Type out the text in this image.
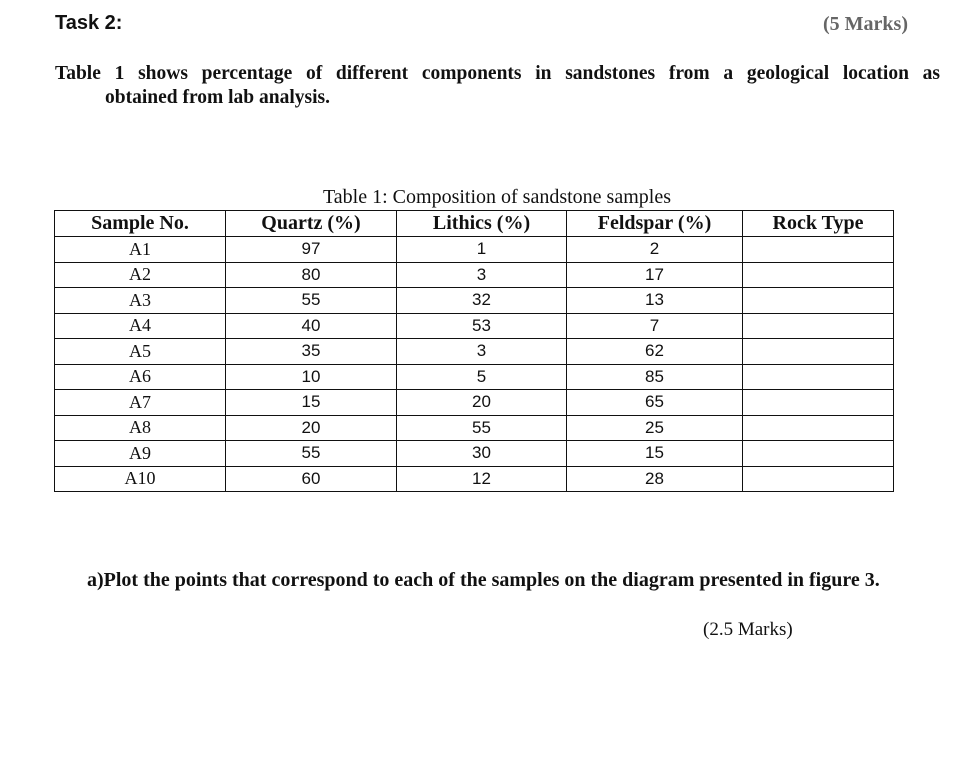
Task 2:	(5 Marks)
Table 1 shows percentage of different components in sandstones from a geological location as
obtained from lab analysis.
Table 1: Composition of sandstone samples
Sample No.	Quartz (%)	Lithics (%)	Feldspar (%)	Rock Type
A1	97	1	2	
A2	80	3	17	
A3	55	32	13	
A4	40	53	7	
A5	35	3	62	
A6	10	5	85	
A7	15	20	65	
A8	20	55	25	
A9	55	30	15	
A10	60	12	28	
a)Plot the points that correspond to each of the samples on the diagram presented in figure 3.
(2.5 Marks)
